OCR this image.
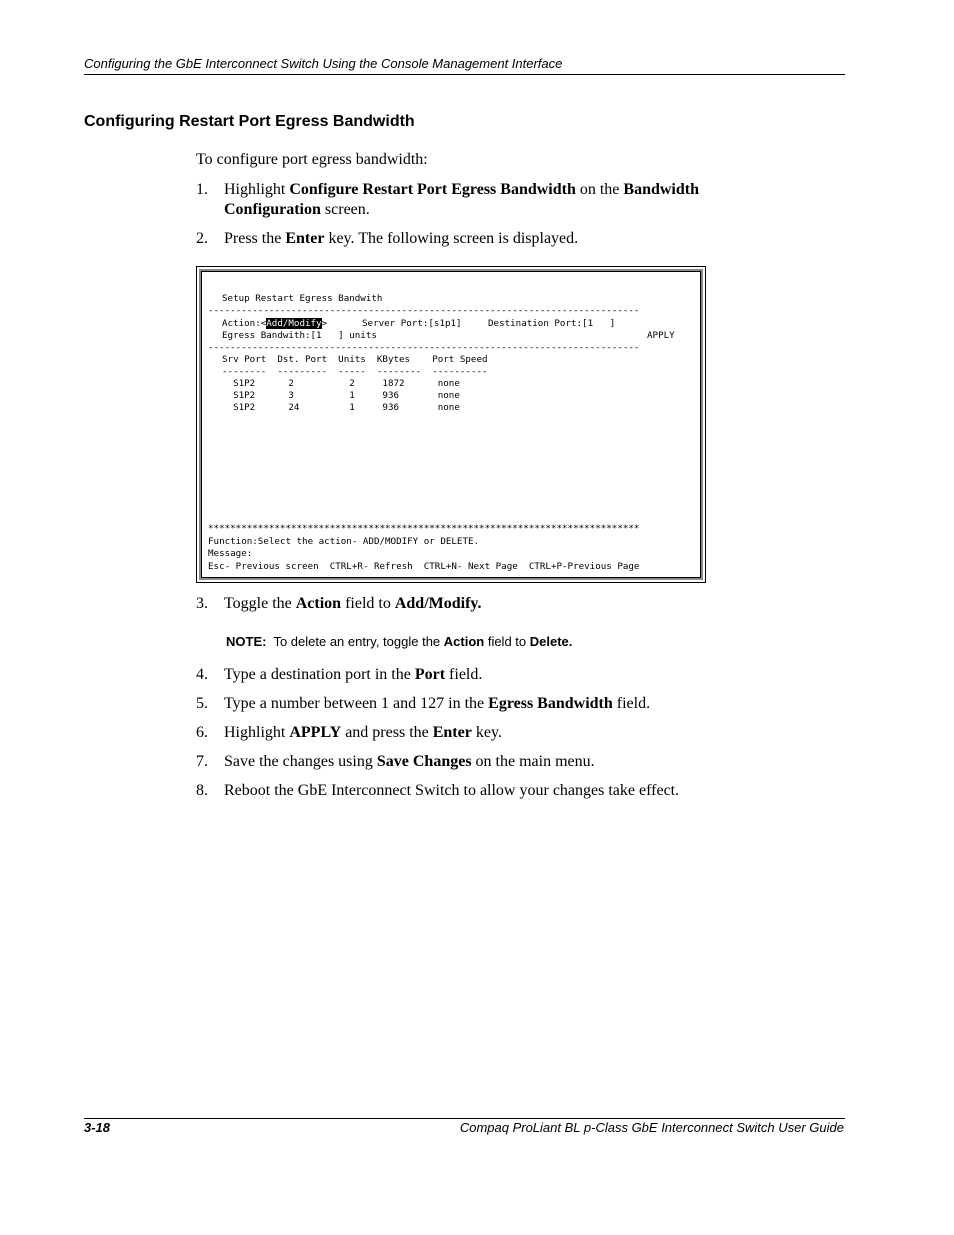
Configuring the GbE Interconnect Switch Using the Console Management Interface
Configuring Restart Port Egress Bandwidth
To configure port egress bandwidth:
1.	Highlight Configure Restart Port Egress Bandwidth on the Bandwidth
Configuration screen.
2.	Press the Enter key. The following screen is displayed.
Setup Restart Egress Bandwith
------------------------------------------------------------------------------
Action:<Add/Modify>	Server Port:[s1p1]	Destination Port:[1   ]
Egress Bandwith:[1   ] units	APPLY
------------------------------------------------------------------------------
Srv Port  Dst. Port  Units  KBytes    Port Speed
--------  ---------  -----  --------  ----------
S1P2      2          2     1872      none
S1P2      3          1     936       none
S1P2      24         1     936       none
******************************************************************************
Function:Select the action- ADD/MODIFY or DELETE.
Message:
Esc- Previous screen  CTRL+R- Refresh  CTRL+N- Next Page  CTRL+P-Previous Page
3.	Toggle the Action field to Add/Modify.
NOTE:  To delete an entry, toggle the Action field to Delete.
4.	Type a destination port in the Port field.
5.	Type a number between 1 and 127 in the Egress Bandwidth field.
6.	Highlight APPLY and press the Enter key.
7.	Save the changes using Save Changes on the main menu.
8.	Reboot the GbE Interconnect Switch to allow your changes take effect.
3-18	Compaq ProLiant BL p-Class GbE Interconnect Switch User Guide
